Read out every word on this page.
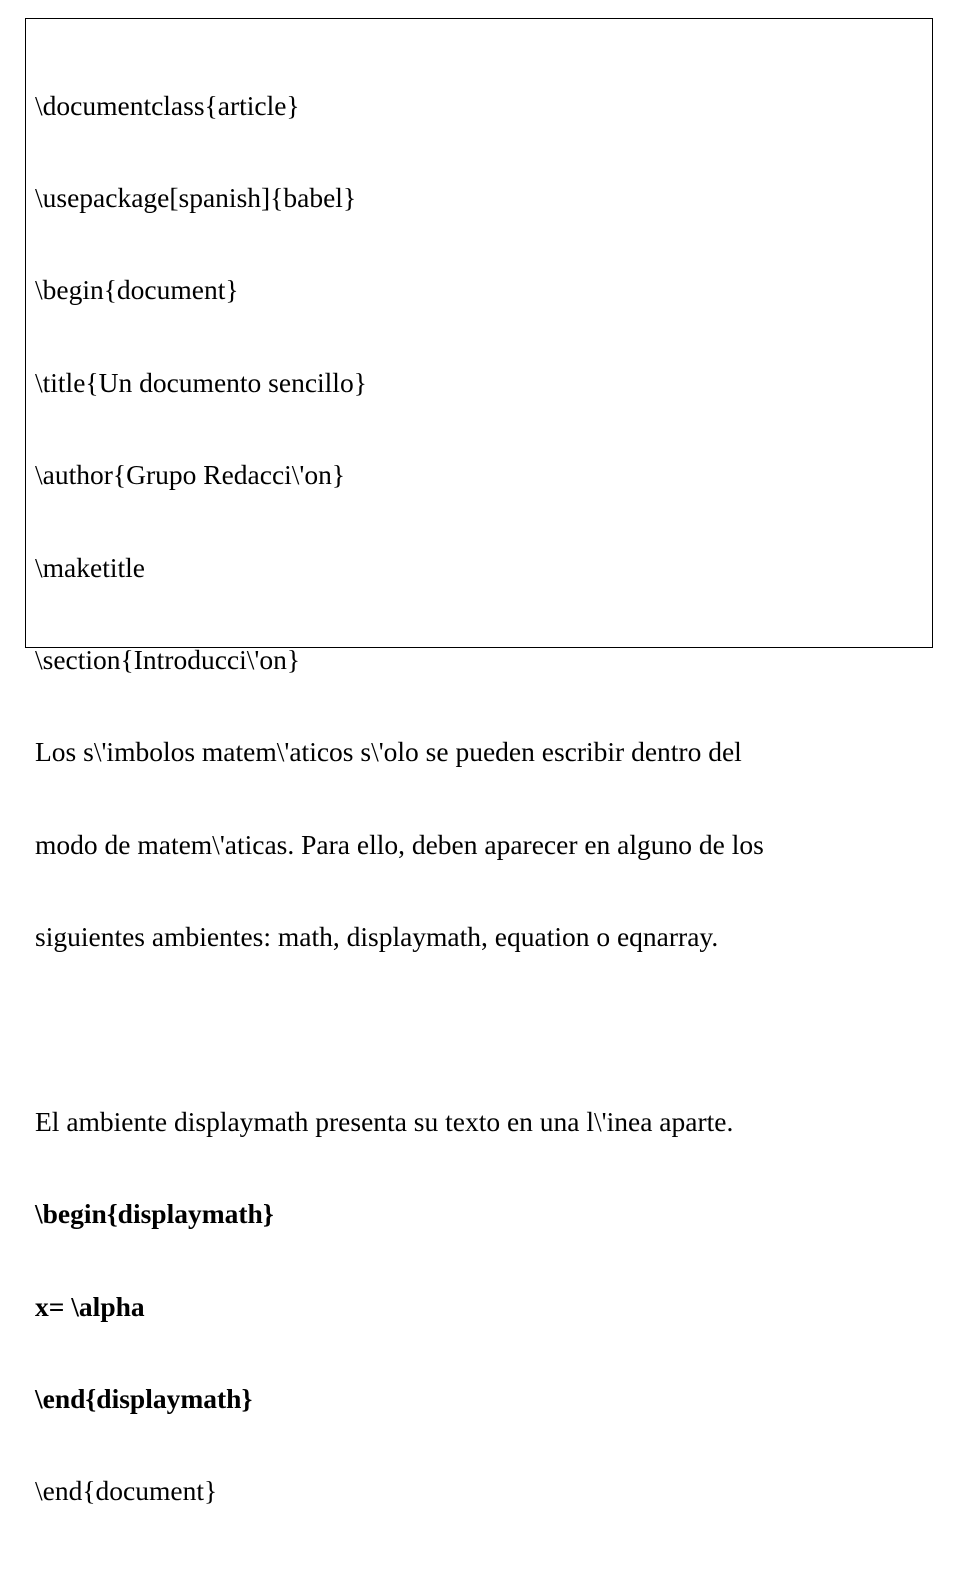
\documentclass{article}

\usepackage[spanish]{babel}

\begin{document}

\title{Un documento sencillo}

\author{Grupo Redacci\'on}

\maketitle

\section{Introducci\'on}

Los s\'imbolos matem\'aticos s\'olo se pueden escribir dentro del

modo de matem\'aticas. Para ello, deben aparecer en alguno de los

siguientes ambientes: math, displaymath, equation o eqnarray.

El ambiente displaymath presenta su texto en una l\'inea aparte.

\begin{displaymath}

x= \alpha

\end{displaymath}

\end{document}
